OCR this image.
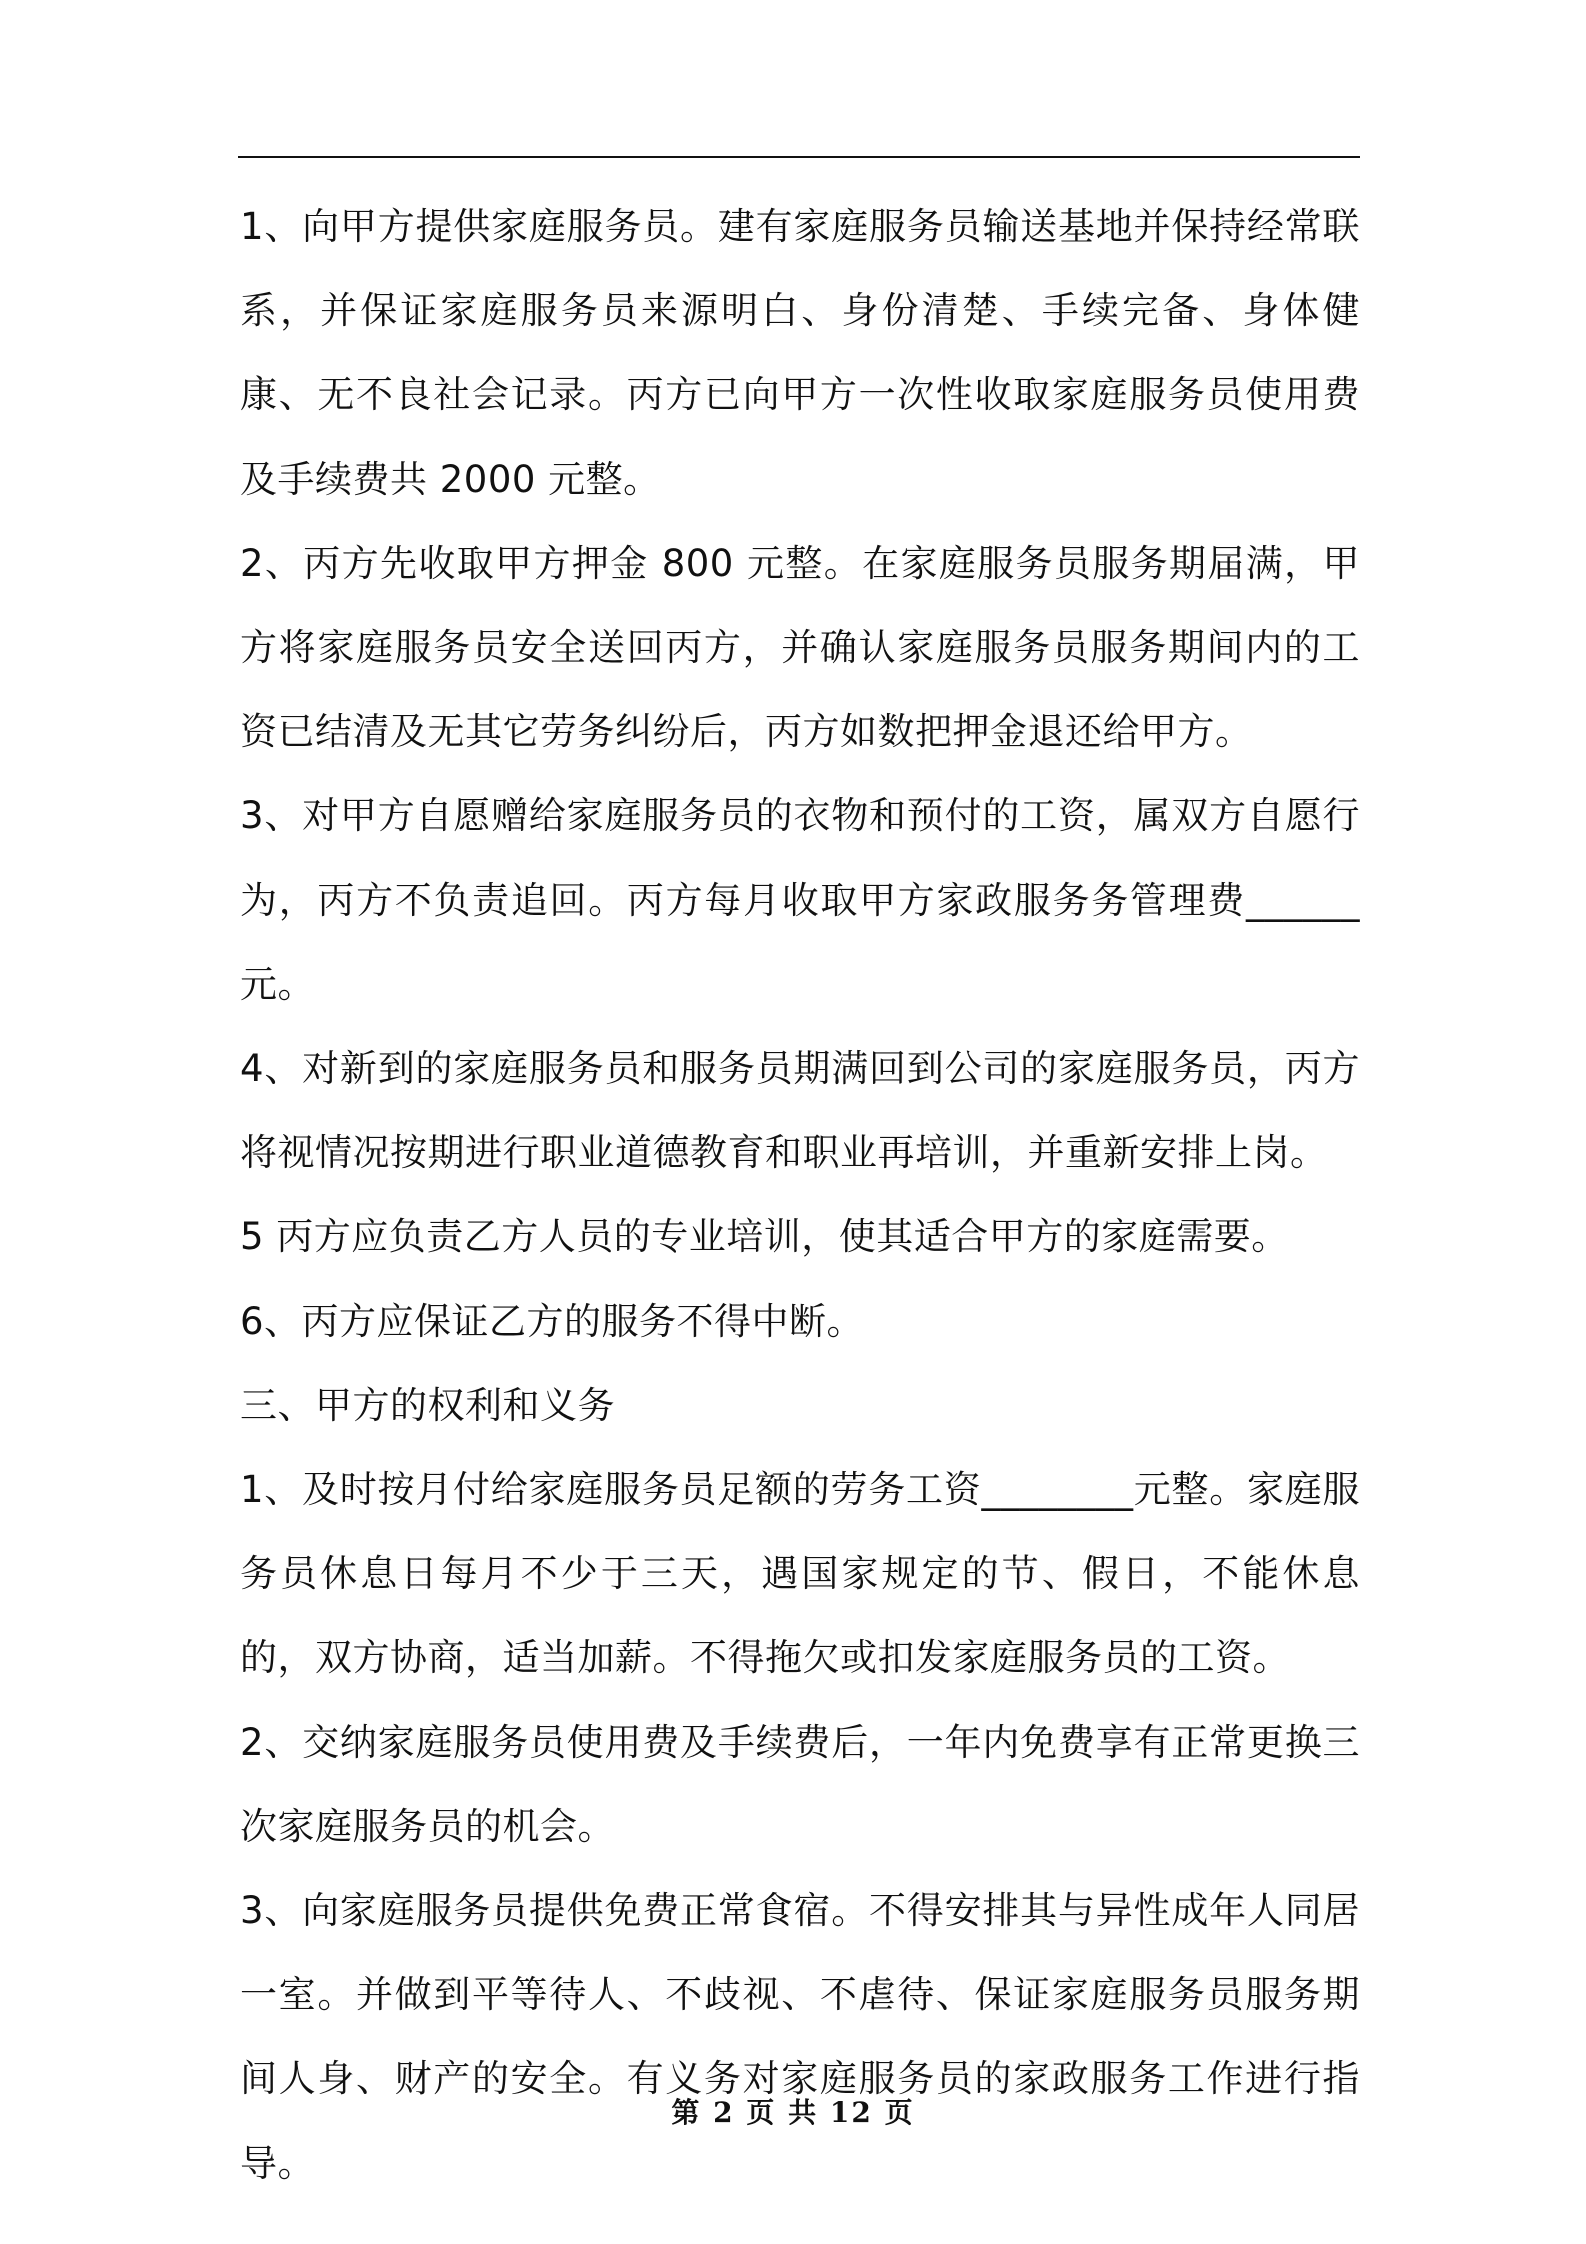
1、向甲方提供家庭服务员。建有家庭服务员输送基地并保持经常联系，并保证家庭服务员来源明白、身份清楚、手续完备、身体健康、无不良社会记录。丙方已向甲方一次性收取家庭服务员使用费及手续费共 2000 元整。

2、丙方先收取甲方押金 800 元整。在家庭服务员服务期届满，甲方将家庭服务员安全送回丙方，并确认家庭服务员服务期间内的工资已结清及无其它劳务纠纷后，丙方如数把押金退还给甲方。

3、对甲方自愿赠给家庭服务员的衣物和预付的工资，属双方自愿行为，丙方不负责追回。丙方每月收取甲方家政服务务管理费______元。

4、对新到的家庭服务员和服务员期满回到公司的家庭服务员，丙方将视情况按期进行职业道德教育和职业再培训，并重新安排上岗。

5 丙方应负责乙方人员的专业培训，使其适合甲方的家庭需要。

6、丙方应保证乙方的服务不得中断。

三、甲方的权利和义务

1、及时按月付给家庭服务员足额的劳务工资________元整。家庭服务员休息日每月不少于三天，遇国家规定的节、假日，不能休息的，双方协商，适当加薪。不得拖欠或扣发家庭服务员的工资。

2、交纳家庭服务员使用费及手续费后，一年内免费享有正常更换三次家庭服务员的机会。

3、向家庭服务员提供免费正常食宿。不得安排其与异性成年人同居一室。并做到平等待人、不歧视、不虐待、保证家庭服务员服务期间人身、财产的安全。有义务对家庭服务员的家政服务工作进行指导。

第 2 页 共 12 页
